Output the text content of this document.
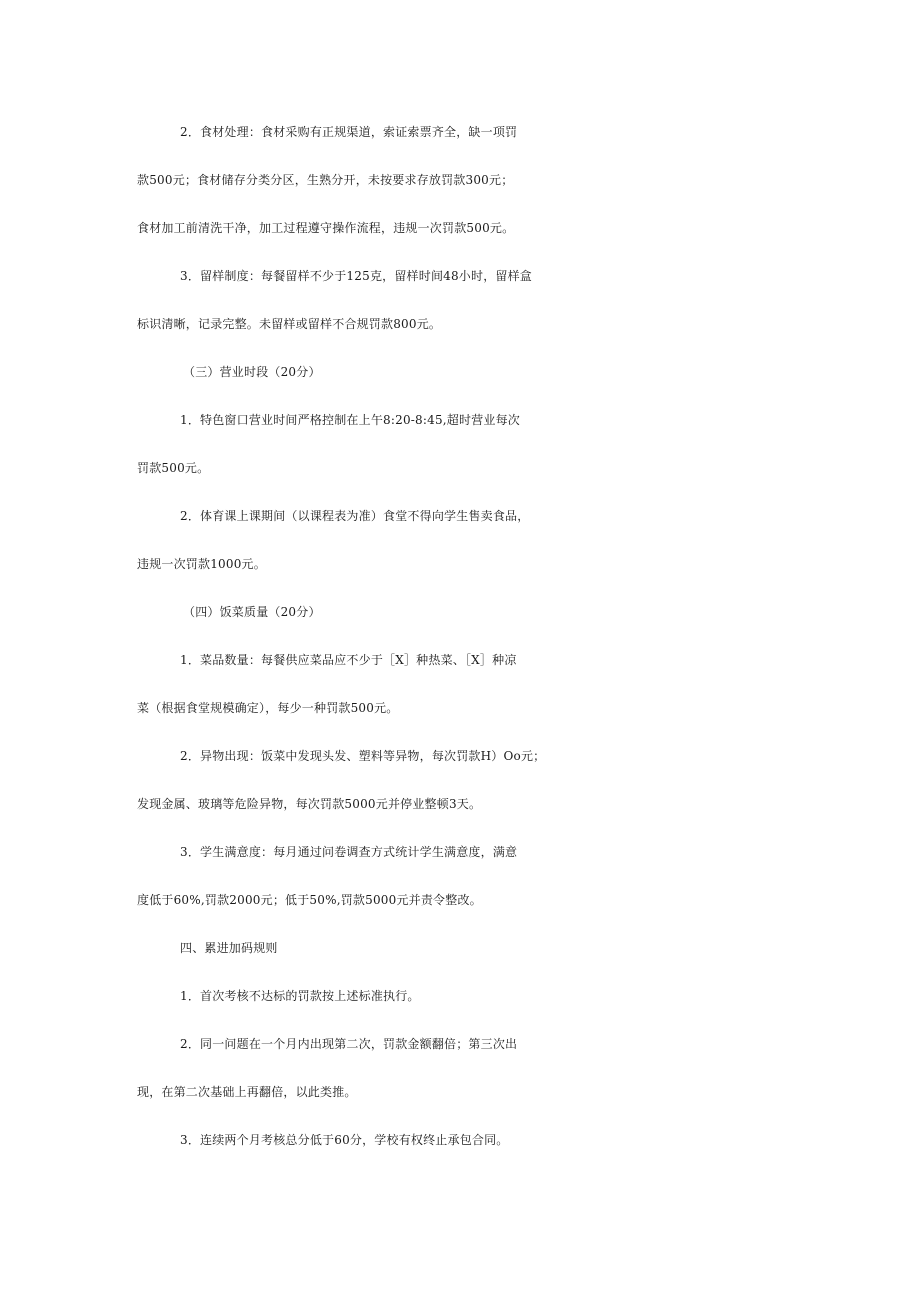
2．食材处理：食材采购有正规渠道，索证索票齐全，缺一项罚
款500元；食材储存分类分区，生熟分开，未按要求存放罚款300元；
食材加工前清洗干净，加工过程遵守操作流程，违规一次罚款500元。
3．留样制度：每餐留样不少于125克，留样时间48小时，留样盒
标识清晰，记录完整。未留样或留样不合规罚款800元。
（三）营业时段（20分）
1．特色窗口营业时间严格控制在上午8:20-8:45,超时营业每次
罚款500元。
2．体育课上课期间（以课程表为准）食堂不得向学生售卖食品，
违规一次罚款1000元。
（四）饭菜质量（20分）
1．菜品数量：每餐供应菜品应不少于［X］种热菜、［X］种凉
菜（根据食堂规模确定），每少一种罚款500元。
2．异物出现：饭菜中发现头发、塑料等异物，每次罚款H）Oo元；
发现金属、玻璃等危险异物，每次罚款5000元并停业整顿3天。
3．学生满意度：每月通过问卷调查方式统计学生满意度，满意
度低于60%,罚款2000元；低于50%,罚款5000元并责令整改。
四、累进加码规则
1．首次考核不达标的罚款按上述标准执行。
2．同一问题在一个月内出现第二次，罚款金额翻倍；第三次出
现，在第二次基础上再翻倍，以此类推。
3．连续两个月考核总分低于60分，学校有权终止承包合同。
